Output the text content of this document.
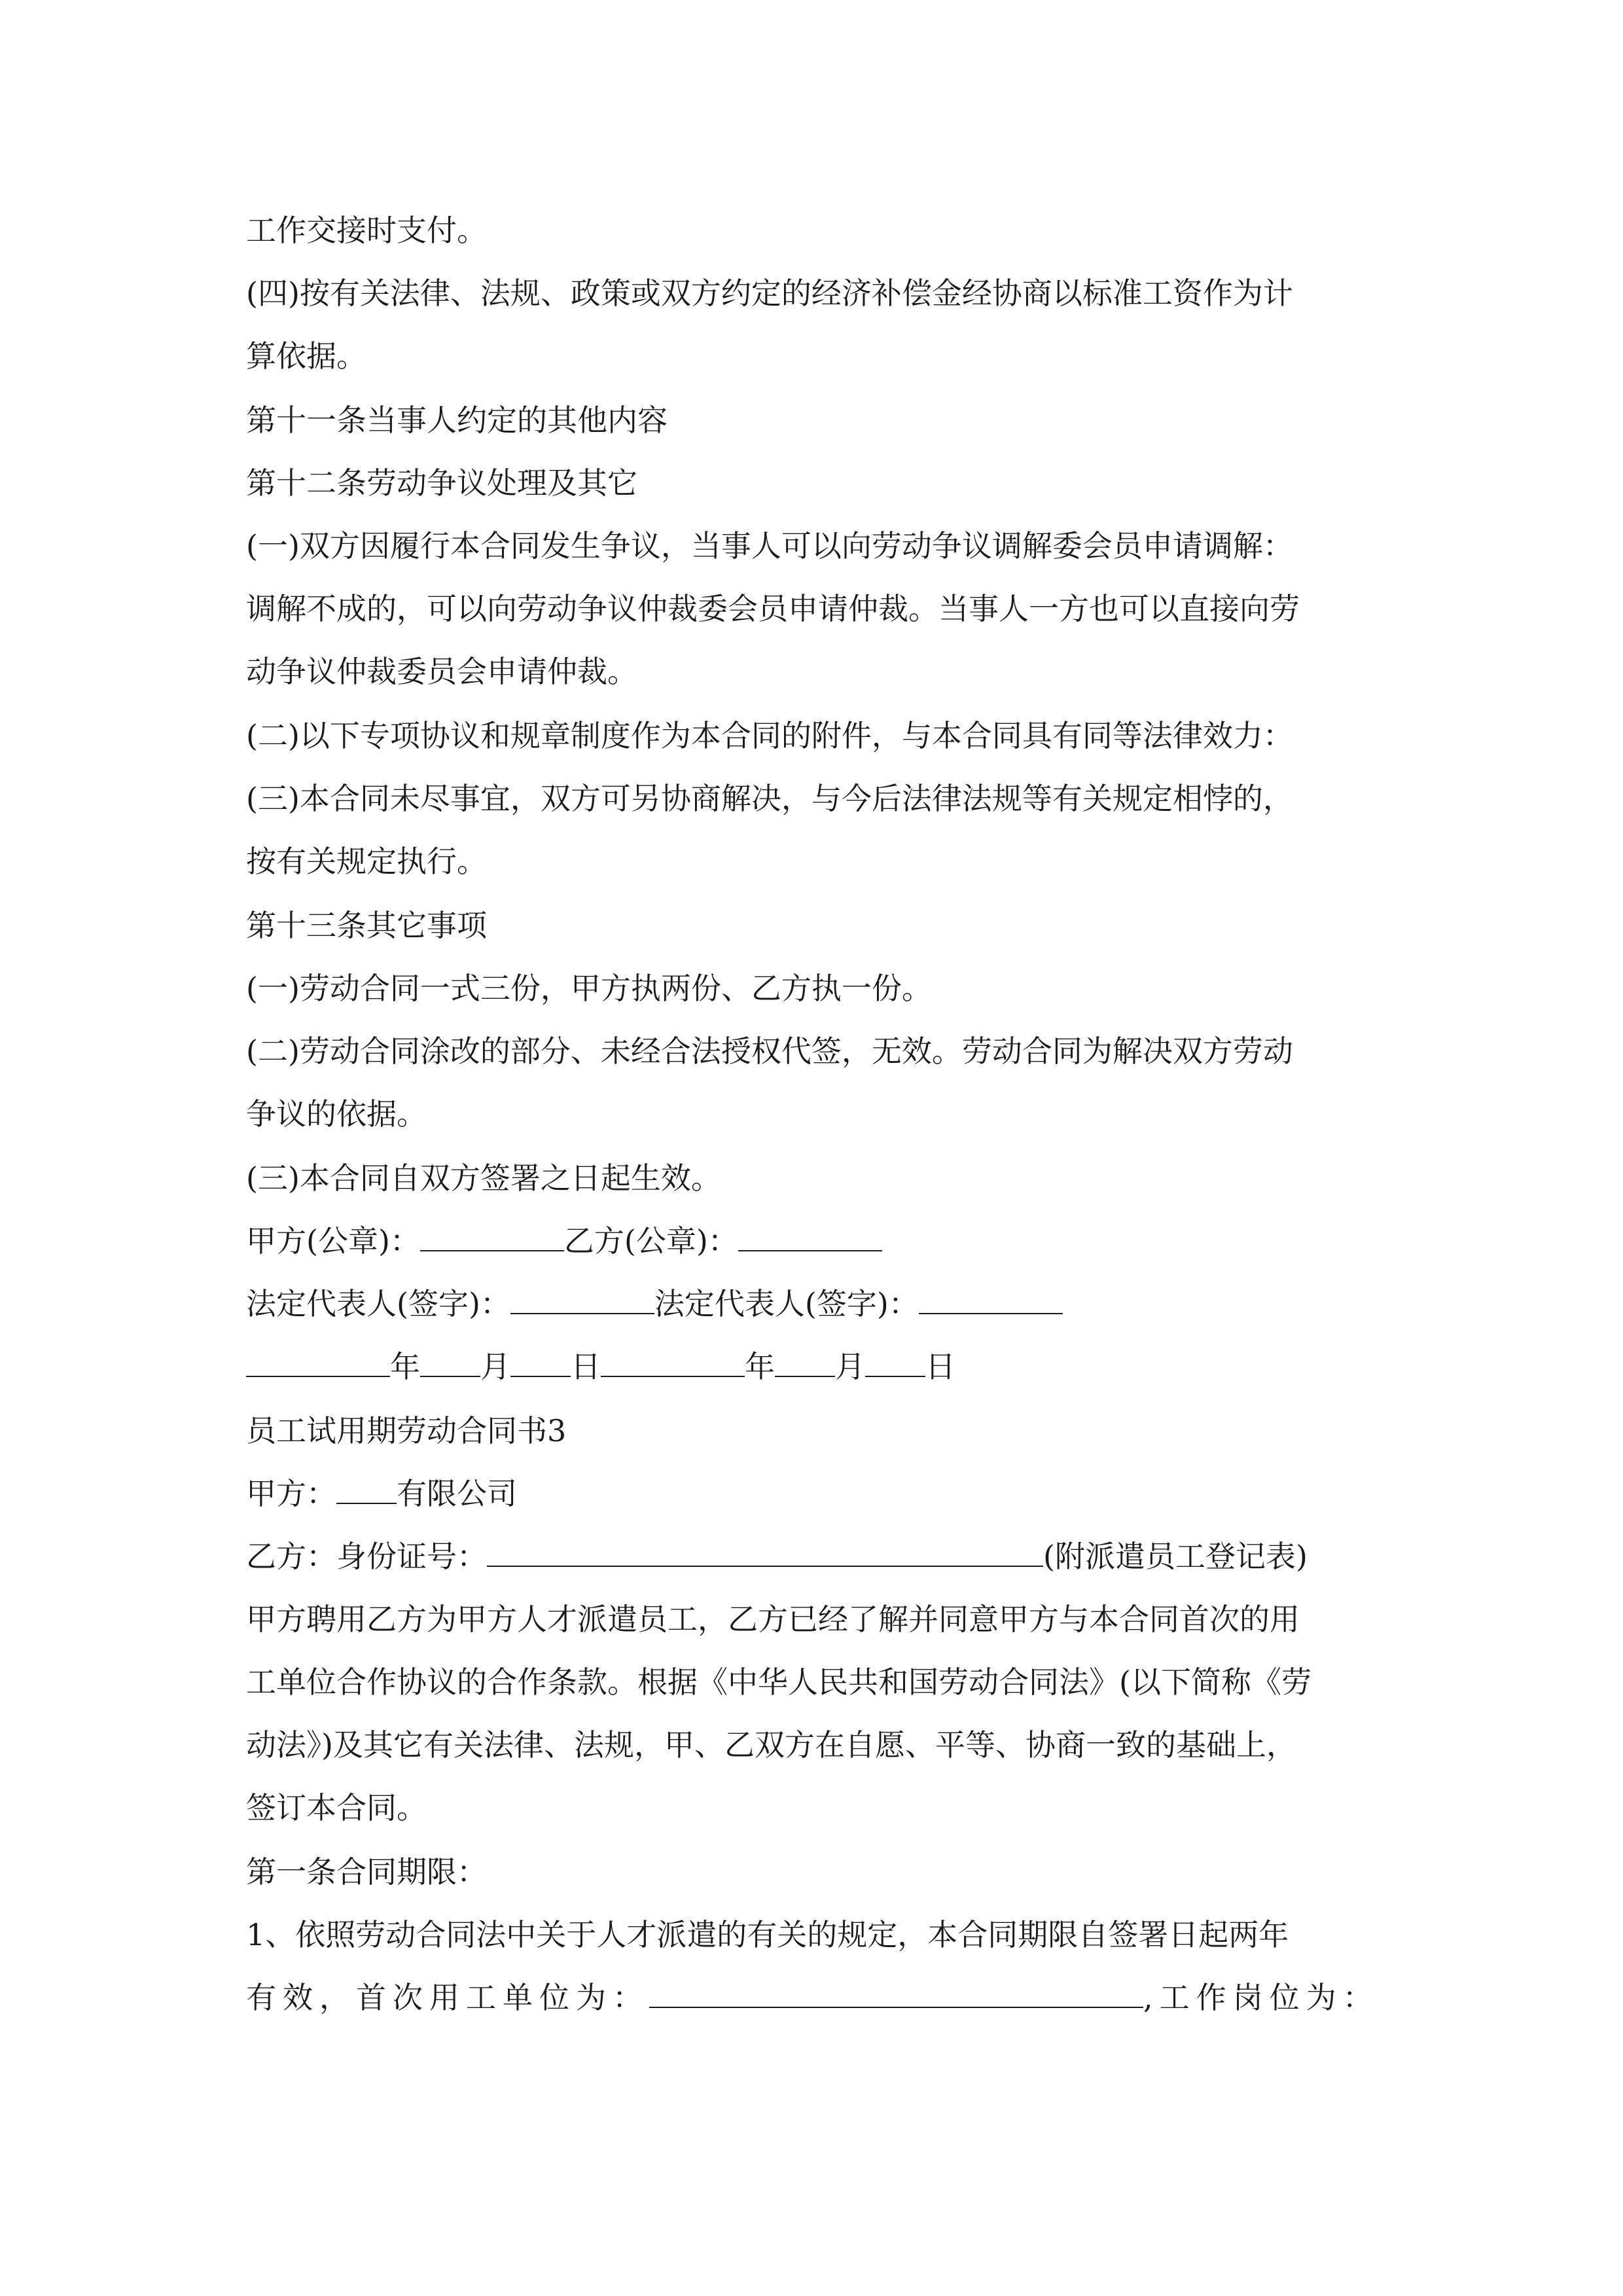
工作交接时支付。
(四)按有关法律、法规、政策或双方约定的经济补偿金经协商以标准工资作为计
算依据。
第十一条当事人约定的其他内容
第十二条劳动争议处理及其它
(一)双方因履行本合同发生争议，当事人可以向劳动争议调解委会员申请调解：
调解不成的，可以向劳动争议仲裁委会员申请仲裁。当事人一方也可以直接向劳
动争议仲裁委员会申请仲裁。
(二)以下专项协议和规章制度作为本合同的附件，与本合同具有同等法律效力：
(三)本合同未尽事宜，双方可另协商解决，与今后法律法规等有关规定相悖的，
按有关规定执行。
第十三条其它事项
(一)劳动合同一式三份，甲方执两份、乙方执一份。
(二)劳动合同涂改的部分、未经合法授权代签，无效。劳动合同为解决双方劳动
争议的依据。
(三)本合同自双方签署之日起生效。
甲方(公章)：	乙方(公章)：
法定代表人(签字)：	法定代表人(签字)：
年 月 日	年 月 日
员工试用期劳动合同书3
甲方： 有限公司
乙方：身份证号：	(附派遣员工登记表)
甲方聘用乙方为甲方人才派遣员工，乙方已经了解并同意甲方与本合同首次的用
工单位合作协议的合作条款。根据《中华人民共和国劳动合同法》(以下简称《劳
动法》)及其它有关法律、法规，甲、乙双方在自愿、平等、协商一致的基础上，
签订本合同。
第一条合同期限：
1、依照劳动合同法中关于人才派遣的有关的规定，本合同期限自签署日起两年
有效，首次用工单位为：	,工作岗位为：
